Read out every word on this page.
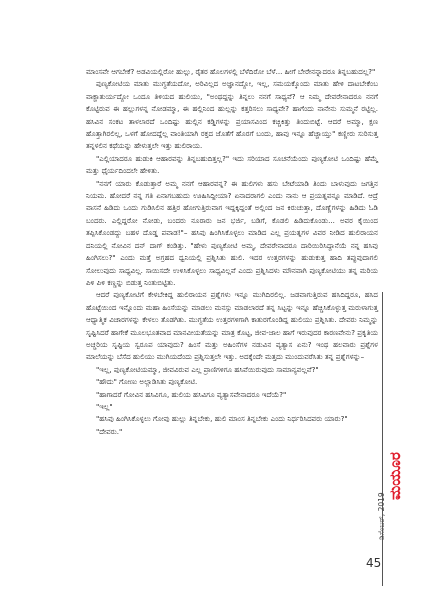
ಮಾಂಸವೇ ಆಗಬೇಕೆ? ಅಡವಿಯಲ್ಲಿರೋ ಹುಲ್ಲು, ರೈತರ ಹೊಲಗಳಲ್ಲಿ ಬೆಳೆದಿರೋ ಬೆಳೆ... ಹೀಗೆ ಬೇರೇನನ್ನಾದರೂ ತಿನ್ನಬಹುದಲ್ಲ?"

ಪುಣ್ಯಕೋಟಿಯ ಮಾತು ಮುಗ್ಧತೆಯದೋ, ಅರಿವಿಲ್ಲದ ಅಜ್ಞಾನದ್ದೋ, ಇಲ್ಲ, ಸಮಯಕ್ಕೊಂದು ಮಾತು ಹೇಳಿ ದಾಟಬೇಕೆಂಬ ವಾಕ್ಚಾತುರ್ಯದ್ದೋ ಒಂದೂ ತಿಳಿಯದ ಹುಲಿಯು, "ಅಂಥದ್ದನ್ನು ತಿನ್ನಲು ನನಗೆ ಸಾಧ್ಯವೆ? ಆ ನಿಮ್ಮ ದೇವರೇನಾದರೂ ನನಗೆ ಕೊಟ್ಟಿರುವ ಈ ಹಲ್ಲುಗಳನ್ನ ನೋಡಮ್ಮಾ, ಈ ಹಲ್ಲಿನಿಂದ ಹುಲ್ಲನ್ನು ಕತ್ತರಿಸಲು ಸಾಧ್ಯವೇ? ಹಾಗೆಂದು ನಾನೇನು ಸುಮ್ಮನೆ ರಟ್ಟಿಲ್ಲ. ಹಸಿವಿನ ಸಂಕಟ ತಾಳಲಾರದೆ ಒಂದಿಷ್ಟು ಹುಲ್ಲಿನ ಕಡ್ಡಿಗಳನ್ನು ಪ್ರಯಾಸವಿಂದ ಕಚ್ಚಿಕಿತ್ತು ತಿಂದುಬಿಟ್ಟೆ. ಆದರೆ ಅಮ್ಮಾ, ಕ್ಷಣ ಹೊತ್ತಾಗಿರಲಿಲ್ಲ, ಒಳಗೆ ಹೋದದ್ದೆಲ್ಲ ವಾಂತಿಯಾಗಿ ರಕ್ತದ ಜೊತೆಗೆ ಹೊರಗೆ ಬಂದು, ಹಾವು ಇನ್ನೂ ಹೆಚ್ಚಾಯ್ತು" ಕಣ್ಣೀರು ಸುರಿಸುತ್ತ ತನ್ನಳಲಿನ ಕಥೆಯನ್ನು ಹೇಳುತ್ತಲೇ ಇತ್ತು ಹುಲಿರಾಯ.

"ಎಲ್ಲಿಯಾದರೂ ಹುಡುಕಿ ಆಹಾರವನ್ನು ತಿನ್ನಬಹುದಿತ್ತಲ್ಲ?" ಇದು ಸರಿಯಾದ ಸೂಚನೆಯೆಂದು ಪುಣ್ಯಕೋಟಿ ಒಂದಿಷ್ಟು ಹೆಮ್ಮೆ ಮತ್ತು ಧೈರ್ಯದಿಂದಲೇ ಹೇಳಿತು.

"ನನಗೆ ಯಾರು ಕೊಡುತ್ತಾರೆ ಅಮ್ಮ ನನಗೆ ಆಹಾರವನ್ನ? ಈ ಹುಲಿಗಳು ಹಸು ಬೇಟೆಯಾಡಿ ತಿಂದು ಬಾಳುವುದು ಜಗತ್ತಿನ ನಿಯಮ. ಹೋದರೆ ನನ್ನ ಗತಿ ಏನಾಗಬಹುದು ಊಹಿಸಿದ್ದೀಯಾ? ಏನಾದರಾಗಲಿ ಎಂದು ನಾನು ಆ ಪ್ರಯತ್ನವನ್ನೂ ಮಾಡಿದೆ. ಆದ್ರೆ ವಾಸನೆ ಹಿಡಿದು ಒಂದು ಗುಡಿಸಿಲಿನ ಹತ್ತಿರ ಹೋಗುತ್ತಿರುವಾಗ ಇದ್ದಕ್ಕಿದ್ದಂತೆ ಅಲ್ಲಿಂದ ಜನ ಕಿರುಚುತ್ತಾ, ದೊಣ್ಣೆಗಳನ್ನು ಹಿಡಿದು ಓಡಿ ಬಂದರು. ಎಲ್ಲಿದ್ದರೋ ನೋಡು, ಬಂದರು ನೂರಾರು ಜನ ಭರ್ಜಿ, ಬಡಿಗೆ, ಕೊಡಲಿ ಹಿಡಿದುಕೊಂಡು... ಅವರ ಕೈಯಿಂದ ತಪ್ಪಿಸಿಕೊಂಡದ್ದು ಬಹಳ ದೊಡ್ಡ ಪವಾಡ!"– ಹಸಿವು ಹಿಂಗಿಸಿಕೊಳ್ಳಲು ಮಾಡಿದ ಎಲ್ಲ ಪ್ರಯತ್ನಗಳ ವಿವರ ನೀಡಿದ ಹುಲಿರಾಯನ ದನಿಯಲ್ಲಿ ನೋವಿನ ದನ್ ದಾಗ್ ಕಂಡಿತ್ತು. "ಹೇಳು ಪುಣ್ಯಕೋಟಿ ಅಮ್ಮ, ದೇವರೇನಾದರೂ ದಾರಿಯಿರಿಸಿದ್ದಾನೆಯೆ ನನ್ನ ಹಸಿವು ಹಿಂಗಿಸಲು?" ಎಂದು ಮತ್ತೆ ಅಗ್ರಹದ ಧ್ವನಿಯಲ್ಲಿ ಪ್ರಶ್ನಿಸಿತು ಹುಲಿ. ಇದರ ಉತ್ತರಗಳನ್ನು ಹುಡುಕುತ್ತ ಹಾದಿ ತಪ್ಪುವುದಾಗಲಿ ಸೋಲುವುದು ಸಾಧ್ಯವಿಲ್ಲ. ಸಾಯಿಸದೇ ಉಳಿಸಿಕೊಳ್ಳಲು ಸಾಧ್ಯವಿಲ್ಲವೆ ಎಂದು ಪ್ರಶ್ನಿಸಿದಳು ಮೌನವಾಗಿ ಪುಣ್ಯಕೋಟಿಯು ತನ್ನ ಮರಿಯ ಪಿಳಿ ಪಿಳಿ ಕಣ್ಣನ್ನು ಬಿಡುತ್ತ ನಿಂತುಬಿಟ್ಟಿತು.

ಆದರೆ ಪುಣ್ಯಕೋಟಿಗೆ ಕೇಳಬೇಕಿದ್ದ ಹುಲಿರಾಯನ ಪ್ರಶ್ನೆಗಳು ಇನ್ನೂ ಮುಗಿದಿರಲಿಲ್ಲ. ಜಡವಾಗುತ್ತಿರುವ ಹಸಿದಿದ್ದರೂ, ಹಸಿದ ಹೊಟ್ಟೆಯಿಂದ ಇನ್ನೊಂದು ಮಹಾ ಹಿಂಸೆಯನ್ನು ಮಾಡಲು ಮನಸ್ಸು ಮಾಡಲಾರದೆ ತನ್ನ ಸಿಟ್ಟನ್ನು ಇನ್ನೂ ಹೆಚ್ಚಿಸಿಕೊಳ್ಳುತ್ತ ಮರುಳಾಗುತ್ತ ಆಧ್ಯಾತ್ಮಿಕ ವಿಚಾರಗಳನ್ನು ಕೇಳಲು ತೊಡಗಿತು. ಮುಗ್ಧತೆಯ ಉತ್ತರಗಳಿಗಾಗಿ ಕಾತುರಗೊಂಡಿದ್ದ ಹುಲಿಯು ಪ್ರಶ್ನಿಸಿತು. ದೇವರು ನಿಮ್ಮನ್ನು ಸೃಷ್ಟಿಸಿದರೆ ಹಾಗೇಕೆ ಮೂಲಭೂತವಾದ ಮಾನವೀಯತೆಯನ್ನು ಮಾತ್ರ ಕೊಟ್ಟ, ಜೀವ-ಜಾಲ ಹಾಗೆ ಇರುವುದರ ಕಾರಣವೇನು? ಪ್ರಕೃತಿಯ ಅಚ್ಚರಿಯ ಸೃಷ್ಟಿಯ ಸ್ವರೂಪ ಯಾವುದು? ಹಿಂಸೆ ಮತ್ತು ಅಹಿಂಸೆಗಳ ನಡುವಿನ ವ್ಯತ್ಯಾಸ ಏನು? ಇಂಥ ಹಲವಾರು ಪ್ರಶ್ನೆಗಳ ಮಾಲೆಯನ್ನು ಬೆಸೆದ ಹುಲಿಯು ಮುಗಿಯದೆಂದು ಪ್ರಶ್ನಿಸುತ್ತಲೇ ಇತ್ತು. ಅದಕ್ಕೆಂದೇ ಮತ್ತದು ಮುಂದುವರೆಸಿತು ತನ್ನ ಪ್ರಶ್ನೆಗಳನ್ನು–

"ಇಲ್ಲ, ಪುಣ್ಯಕೋಟಿಯಮ್ಮಾ, ಜೀವವಿರುವ ಎಲ್ಲ ಪ್ರಾಣಿಗಳಿಗೂ ಹಸಿವೆಯಿರುವುದು ಸಾಮಾನ್ಯವಲ್ಲವೆ?"

"ಹೌದು" ಗೋಣು ಅಲ್ಲಾಡಿಸಿತು ಪುಣ್ಯಕೋಟಿ.

"ಹಾಗಾದರೆ ಗೋವಿನ ಹಸಿವಿಗೂ, ಹುಲಿಯ ಹಸಿವಿಗೂ ವ್ಯತ್ಯಾಸವೇನಾದರೂ ಇದೆಯೆ?"

"ಇಲ್ಲ"

"ಹಸಿವು ಹಿಂಗಿಸಿಕೊಳ್ಳಲು ಗೋವು ಹುಲ್ಲು ತಿನ್ನಬೇಕು, ಹುಲಿ ಮಾಂಸ ತಿನ್ನಬೇಕು ಎಂದು ನಿರ್ಧರಿಸಿದವರು ಯಾರು?"

"ದೇವರು."

ಡಿಸೆಂಬರ್, 2019
ಮಯೂರ
45
